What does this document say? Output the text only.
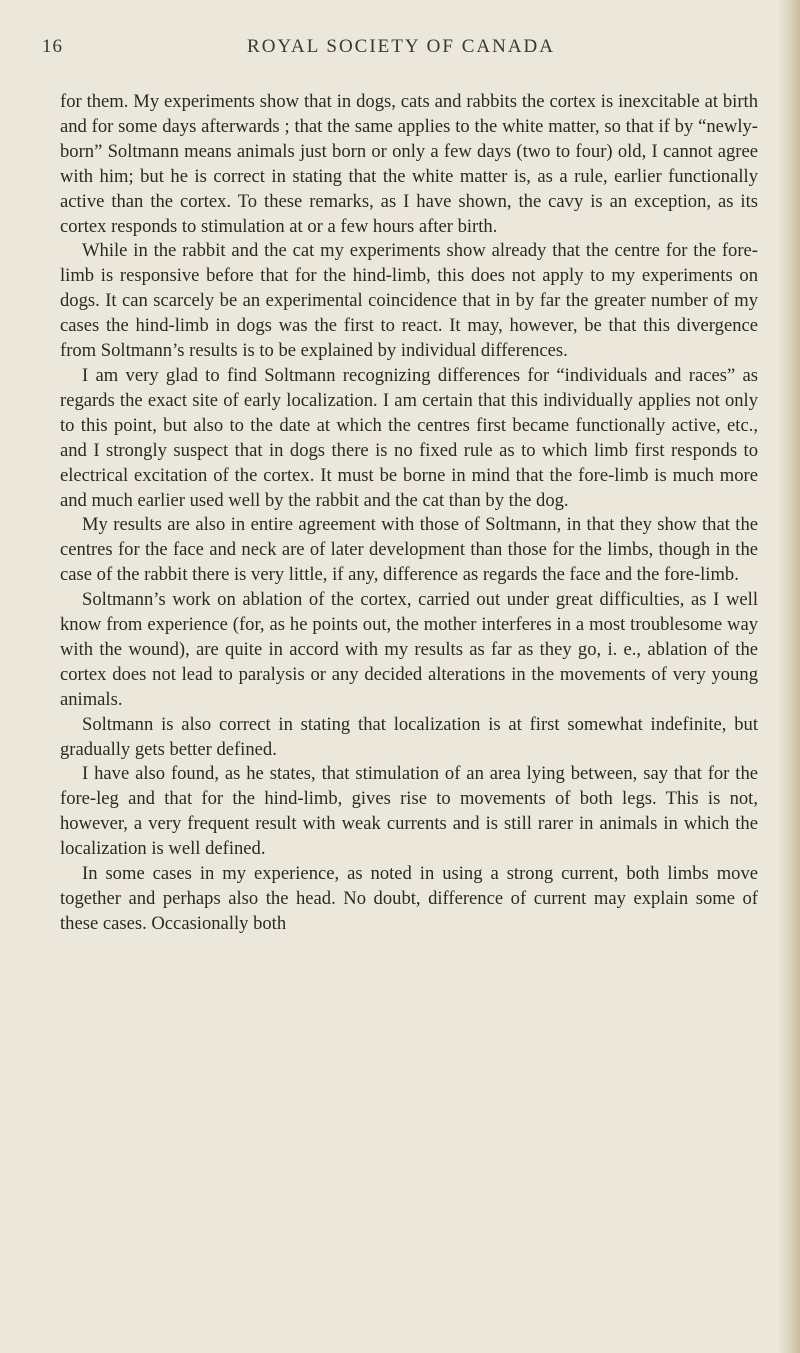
16	ROYAL SOCIETY OF CANADA

for them. My experiments show that in dogs, cats and rabbits the cortex is inexcitable at birth and for some days afterwards ; that the same applies to the white matter, so that if by “newly-born” Soltmann means animals just born or only a few days (two to four) old, I cannot agree with him; but he is correct in stating that the white matter is, as a rule, earlier functionally active than the cortex. To these remarks, as I have shown, the cavy is an exception, as its cortex responds to stimulation at or a few hours after birth.

While in the rabbit and the cat my experiments show already that the centre for the fore-limb is responsive before that for the hind-limb, this does not apply to my experiments on dogs. It can scarcely be an experimental coincidence that in by far the greater number of my cases the hind-limb in dogs was the first to react. It may, however, be that this divergence from Soltmann’s results is to be explained by individual differences.

I am very glad to find Soltmann recognizing differences for “individuals and races” as regards the exact site of early localization. I am certain that this individually applies not only to this point, but also to the date at which the centres first became functionally active, etc., and I strongly suspect that in dogs there is no fixed rule as to which limb first responds to electrical excitation of the cortex. It must be borne in mind that the fore-limb is much more and much earlier used well by the rabbit and the cat than by the dog.

My results are also in entire agreement with those of Soltmann, in that they show that the centres for the face and neck are of later development than those for the limbs, though in the case of the rabbit there is very little, if any, difference as regards the face and the fore-limb.

Soltmann’s work on ablation of the cortex, carried out under great difficulties, as I well know from experience (for, as he points out, the mother interferes in a most troublesome way with the wound), are quite in accord with my results as far as they go, i. e., ablation of the cortex does not lead to paralysis or any decided alterations in the movements of very young animals.

Soltmann is also correct in stating that localization is at first somewhat indefinite, but gradually gets better defined.

I have also found, as he states, that stimulation of an area lying between, say that for the fore-leg and that for the hind-limb, gives rise to movements of both legs. This is not, however, a very frequent result with weak currents and is still rarer in animals in which the localization is well defined.

In some cases in my experience, as noted in using a strong current, both limbs move together and perhaps also the head. No doubt, difference of current may explain some of these cases. Occasionally both
